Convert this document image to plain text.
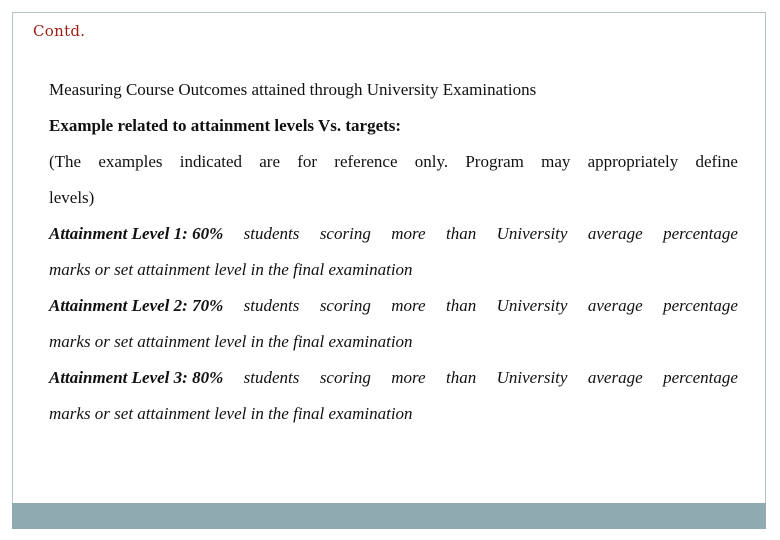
Contd.
Measuring Course Outcomes attained through University Examinations
Example related to attainment levels Vs. targets:
(The examples indicated are for reference only. Program may appropriately define
levels)
Attainment Level 1: 60% students scoring more than University average percentage
marks or set attainment level in the final examination
Attainment Level 2: 70% students scoring more than University average percentage
marks or set attainment level in the final examination
Attainment Level 3: 80% students scoring more than University average percentage
marks or set attainment level in the final examination
